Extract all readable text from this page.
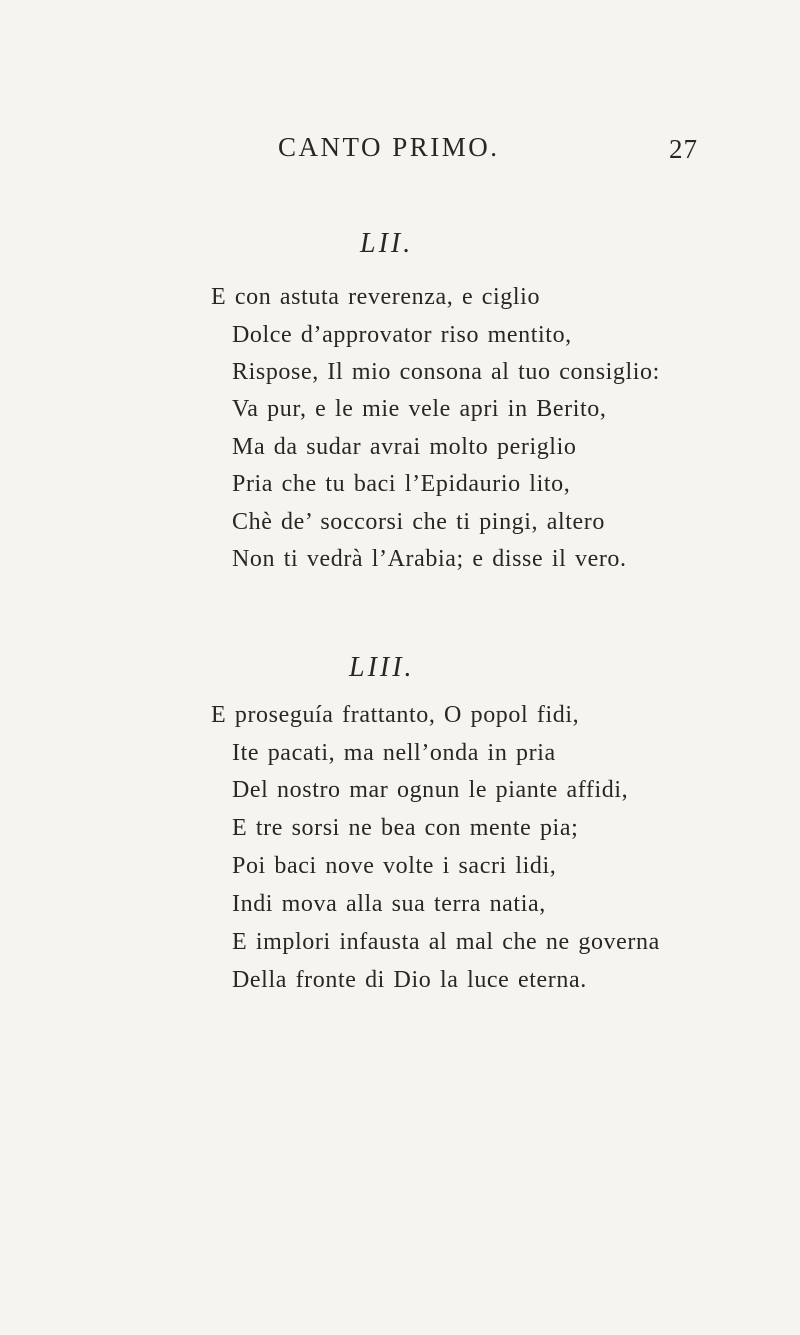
CANTO PRIMO.	27
LII.
E con astuta reverenza, e ciglio
Dolce d’approvator riso mentito,
Rispose, Il mio consona al tuo consiglio:
Va pur, e le mie vele apri in Berito,
Ma da sudar avrai molto periglio
Pria che tu baci l’Epidaurio lito,
Chè de’ soccorsi che ti pingi, altero
Non ti vedrà l’Arabia; e disse il vero.
LIII.
E proseguía frattanto, O popol fidi,
Ite pacati, ma nell’onda in pria
Del nostro mar ognun le piante affidi,
E tre sorsi ne bea con mente pia;
Poi baci nove volte i sacri lidi,
Indi mova alla sua terra natia,
E implori infausta al mal che ne governa
Della fronte di Dio la luce eterna.
